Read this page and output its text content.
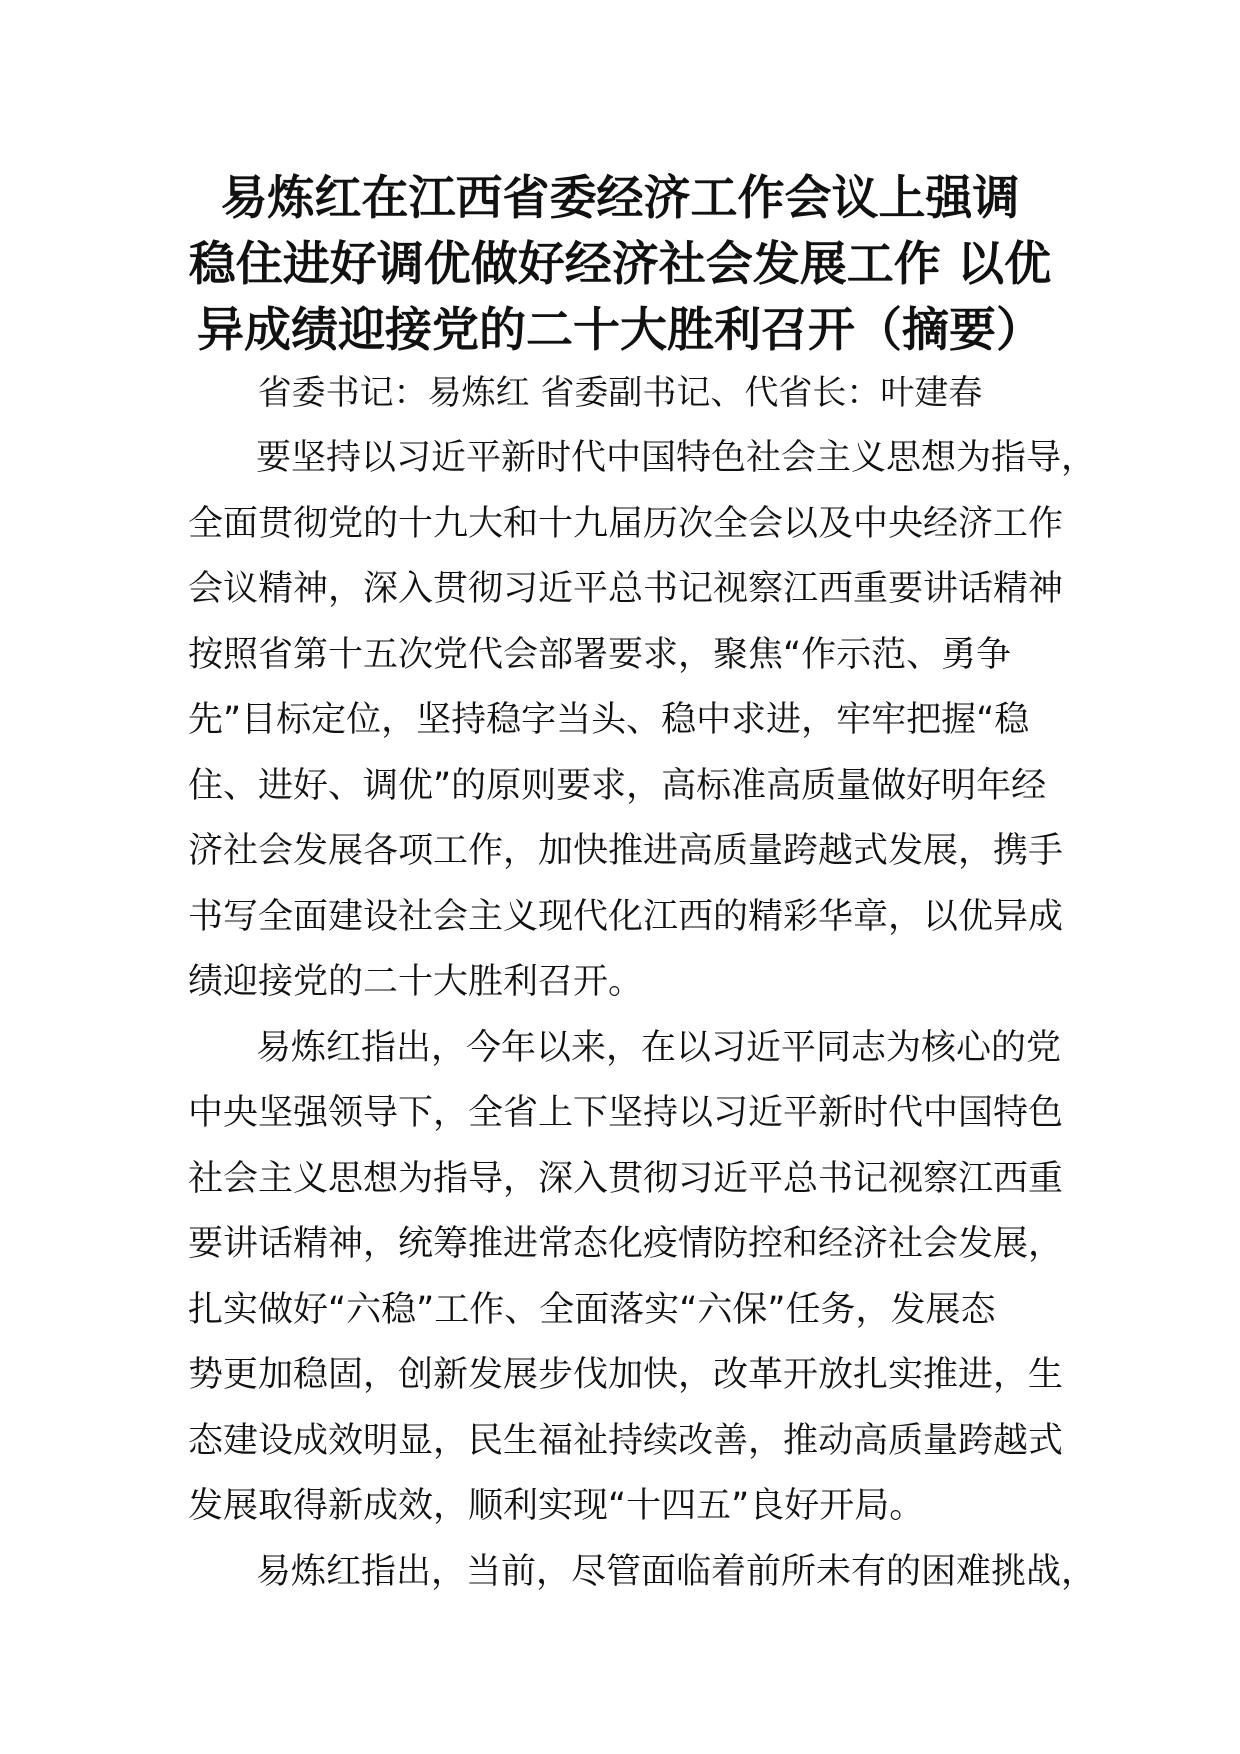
易炼红在江西省委经济工作会议上强调
稳住进好调优做好经济社会发展工作 以优
异成绩迎接党的二十大胜利召开（摘要）

省委书记：易炼红 省委副书记、代省长：叶建春

要坚持以习近平新时代中国特色社会主义思想为指导，
全面贯彻党的十九大和十九届历次全会以及中央经济工作
会议精神，深入贯彻习近平总书记视察江西重要讲话精神
按照省第十五次党代会部署要求，聚焦“作示范、勇争
先”目标定位，坚持稳字当头、稳中求进，牢牢把握“稳
住、进好、调优”的原则要求，高标准高质量做好明年经
济社会发展各项工作，加快推进高质量跨越式发展，携手
书写全面建设社会主义现代化江西的精彩华章，以优异成
绩迎接党的二十大胜利召开。
易炼红指出，今年以来，在以习近平同志为核心的党
中央坚强领导下，全省上下坚持以习近平新时代中国特色
社会主义思想为指导，深入贯彻习近平总书记视察江西重
要讲话精神，统筹推进常态化疫情防控和经济社会发展，
扎实做好“六稳”工作、全面落实“六保”任务，发展态
势更加稳固，创新发展步伐加快，改革开放扎实推进，生
态建设成效明显，民生福祉持续改善，推动高质量跨越式
发展取得新成效，顺利实现“十四五”良好开局。
易炼红指出，当前，尽管面临着前所未有的困难挑战，
